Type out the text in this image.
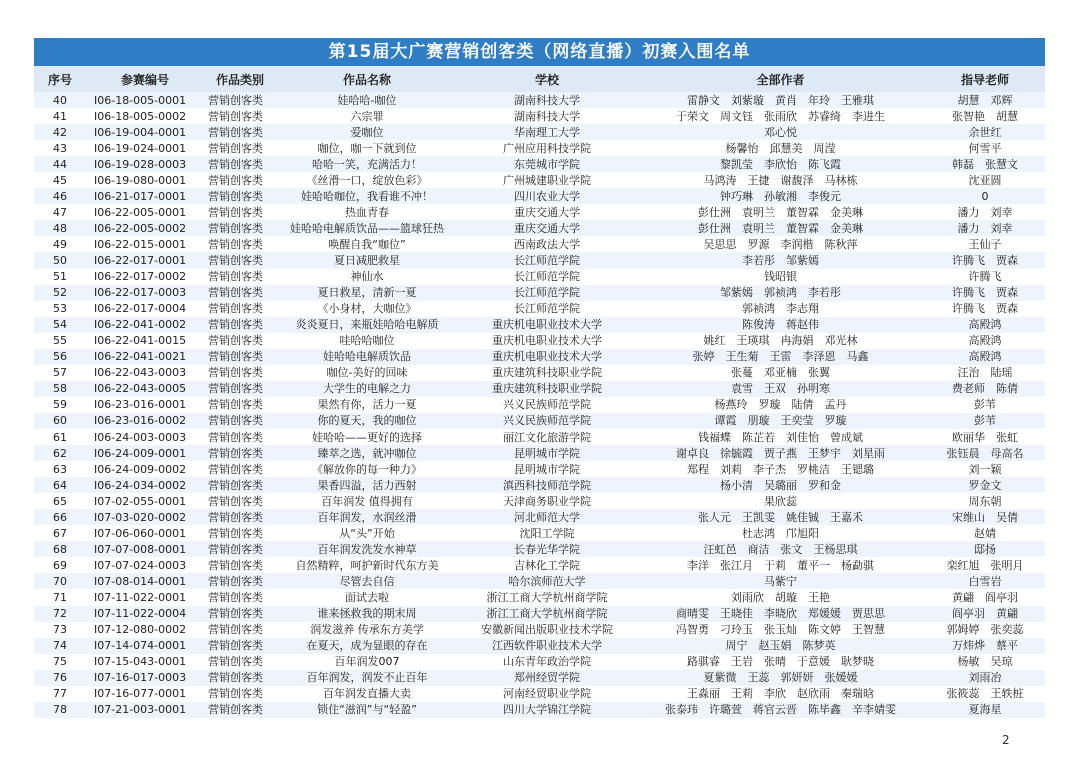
第15届大广赛营销创客类（网络直播）初赛入围名单
序号	参赛编号	作品类别	作品名称	学校	全部作者	指导老师
40	I06-18-005-0001	营销创客类	娃哈哈-咖位	湖南科技大学	雷静文　刘紫璇　黄肖　年玲　王雅琪	胡慧　邓辉
41	I06-18-005-0002	营销创客类	六宗罪	湖南科技大学	于荣文　周文钰　张雨欣　苏睿绮　李进生	张智艳　胡慧
42	I06-19-004-0001	营销创客类	爱咖位	华南理工大学	邓心悦	余世红
43	I06-19-024-0001	营销创客类	咖位，咖一下就到位	广州应用科技学院	杨馨怡　邱慧美　周滢	何雪平
44	I06-19-028-0003	营销创客类	哈哈一笑，充满活力！	东莞城市学院	黎凯莹　李欣怡　陈飞霞	韩磊　张慧文
45	I06-19-080-0001	营销创客类	《丝滑一口，绽放色彩》	广州城建职业学院	马鸿涛　王捷　谢馥泽　马林栋	沈亚圆
46	I06-21-017-0001	营销创客类	娃哈哈咖位，我看谁不冲！	四川农业大学	钟巧琳　孙敏湘　李俊元	0
47	I06-22-005-0001	营销创客类	热血青春	重庆交通大学	彭仕洲　袁明兰　董智霖　金美琳	潘力　刘幸
48	I06-22-005-0002	营销创客类	娃哈哈电解质饮品——篮球狂热	重庆交通大学	彭仕洲　袁明兰　董智霖　金美琳	潘力　刘幸
49	I06-22-015-0001	营销创客类	唤醒自我“咖位”	西南政法大学	吴思思　罗源　李润楷　陈秋萍	王仙子
50	I06-22-017-0001	营销创客类	夏日减肥救星	长江师范学院	李若彤　邹紫嫣	许腾飞　贾森
51	I06-22-017-0002	营销创客类	神仙水	长江师范学院	钱昭银	许腾飞
52	I06-22-017-0003	营销创客类	夏日救星，清新一夏	长江师范学院	邹紫嫣　郭祯鸿　李若彤	许腾飞　贾森
53	I06-22-017-0004	营销创客类	《小身材，大咖位》	长江师范学院	郭祯鸿　李志翔	许腾飞　贾森
54	I06-22-041-0002	营销创客类	炎炎夏日，来瓶娃哈哈电解质	重庆机电职业技术大学	陈俊涛　蒋赵伟	高殿鸿
55	I06-22-041-0015	营销创客类	哇哈哈咖位	重庆机电职业技术大学	姚红　王瑛琪　冉海娟　邓光林	高殿鸿
56	I06-22-041-0021	营销创客类	娃哈哈电解质饮品	重庆机电职业技术大学	张婷　王生菊　王雷　李泽恩　马鑫	高殿鸿
57	I06-22-043-0003	营销创客类	咖位-美好的回味	重庆建筑科技职业学院	张蔓　邓亚楠　张翼	汪治　陆瑶
58	I06-22-043-0005	营销创客类	大学生的电解之力	重庆建筑科技职业学院	袁雪　王双　孙明寒	费老师　陈倩
59	I06-23-016-0001	营销创客类	果然有你，活力一夏	兴义民族师范学院	杨燕玲　罗璇　陆倩　孟丹	彭苇
60	I06-23-016-0002	营销创客类	你的夏天，我的咖位	兴义民族师范学院	谭霞　朋璇　王奕莹　罗璇	彭苇
61	I06-24-003-0003	营销创客类	娃哈哈——更好的选择	丽江文化旅游学院	钱福蝶　陈芷若　刘佳怡　曾成斌	欧丽华　张虹
62	I06-24-009-0001	营销创客类	臻萃之选，就冲咖位	昆明城市学院	谢卓良　徐毓霞　贾子燕　王梦宇　刘星雨	张钰晨　母高名
63	I06-24-009-0002	营销创客类	《解放你的每一种力》	昆明城市学院	郑程　刘莉　李子杰　罗桃洁　王锶璐	刘一颖
64	I06-24-034-0002	营销创客类	果香四溢，活力西射	滇西科技师范学院	杨小清　吴璐丽　罗和金	罗金文
65	I07-02-055-0001	营销创客类	百年润发 值得拥有	天津商务职业学院	果欣蕊	周东朝
66	I07-03-020-0002	营销创客类	百年润发，水润丝滑	河北师范大学	张人元　王凯雯　姚佳铖　王嘉禾	宋维山　吴倩
67	I07-06-060-0001	营销创客类	从“头”开始	沈阳工学院	杜志鸿　邝旭阳	赵婧
68	I07-07-008-0001	营销创客类	百年润发洗发水神草	长春光华学院	汪虹邑　商洁　张文　王杨思琪	邸扬
69	I07-07-024-0003	营销创客类	自然精粹，呵护新时代东方美	吉林化工学院	李洋　张江月　于莉　董平一　杨勐骐	栾红旭　张明月
70	I07-08-014-0001	营销创客类	尽管去自信	哈尔滨师范大学	马紫宁	白雪岩
71	I07-11-022-0001	营销创客类	面试去啦	浙江工商大学杭州商学院	刘雨欣　胡璇　王艳	黄翩　阎亭羽
72	I07-11-022-0004	营销创客类	谁来拯救我的期末周	浙江工商大学杭州商学院	商晴雯　王晓佳　李晓欣　郑媛媛　贾思思	阎亭羽　黄翩
73	I07-12-080-0002	营销创客类	润发滋养 传承东方美学	安徽新闻出版职业技术学院	冯智勇　刁玲玉　张玉灿　陈文婷　王智慧	郭姆婷　张奕蕊
74	I07-14-074-0001	营销创客类	在夏天，成为显眼的存在	江西软件职业技术大学	周宁　赵玉娟　陈梦英	万炜烨　蔡平
75	I07-15-043-0001	营销创客类	百年润发007	山东青年政治学院	路骐睿　王岩　张晴　于意媛　耿梦晓	杨敏　吴琼
76	I07-16-017-0003	营销创客类	百年润发，润发不止百年	郑州经贸学院	夏紫微　王蕊　郭妍妍　张媛媛	刘雨冶
77	I07-16-077-0001	营销创客类	百年润发直播大卖	河南经贸职业学院	王淼丽　王莉　李欣　赵欣雨　秦瑞晗	张筱蕊　王轶桩
78	I07-21-003-0001	营销创客类	锁住“滋润”与“轻盈”	四川大学锦江学院	张泰玮　许璐萱　蒋官云晋　陈毕鑫　辛李婧雯	夏海星
2
